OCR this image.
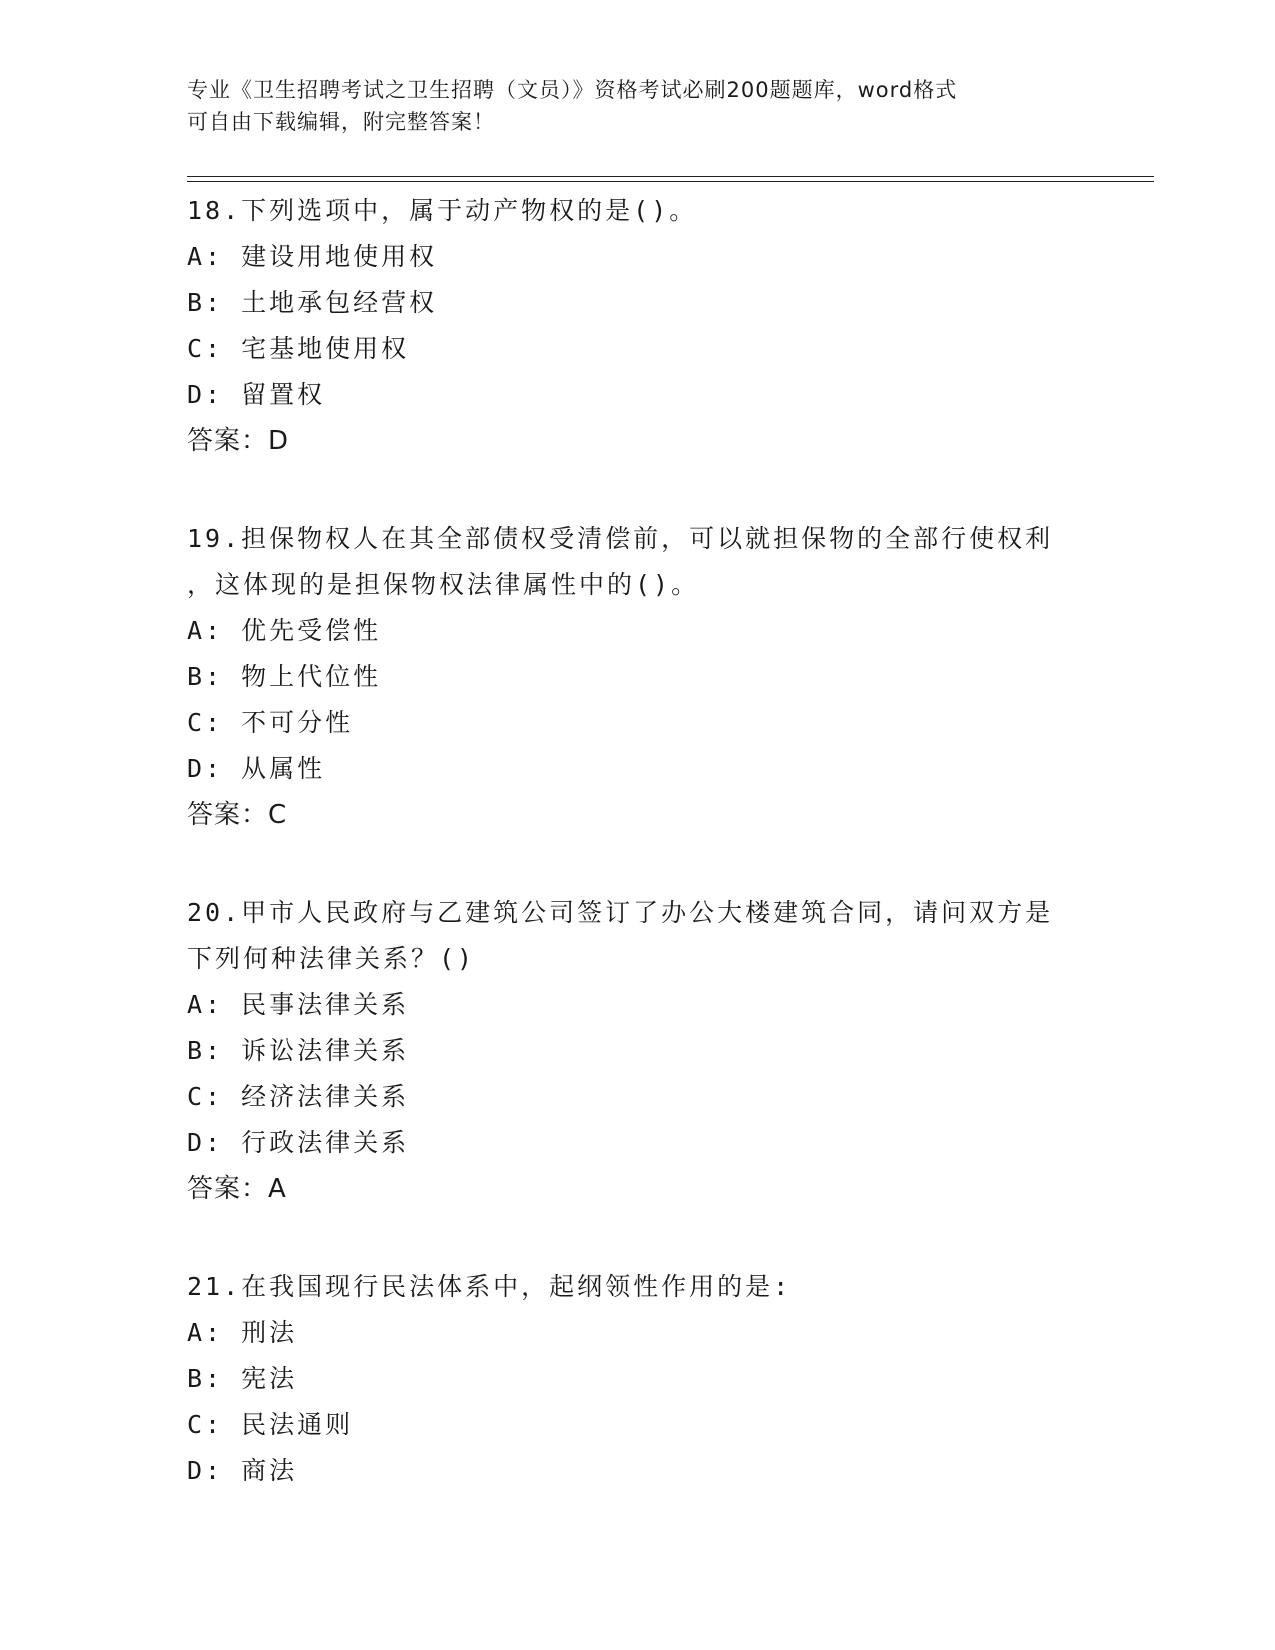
专业《卫生招聘考试之卫生招聘（文员）》资格考试必刷200题题库，word格式
可自由下载编辑，附完整答案！
18.下列选项中，属于动产物权的是()。
A: 建设用地使用权
B: 土地承包经营权
C: 宅基地使用权
D: 留置权
答案：D
19.担保物权人在其全部债权受清偿前，可以就担保物的全部行使权利
，这体现的是担保物权法律属性中的()。
A: 优先受偿性
B: 物上代位性
C: 不可分性
D: 从属性
答案：C
20.甲市人民政府与乙建筑公司签订了办公大楼建筑合同，请问双方是
下列何种法律关系？()
A: 民事法律关系
B: 诉讼法律关系
C: 经济法律关系
D: 行政法律关系
答案：A
21.在我国现行民法体系中，起纲领性作用的是:
A: 刑法
B: 宪法
C: 民法通则
D: 商法
